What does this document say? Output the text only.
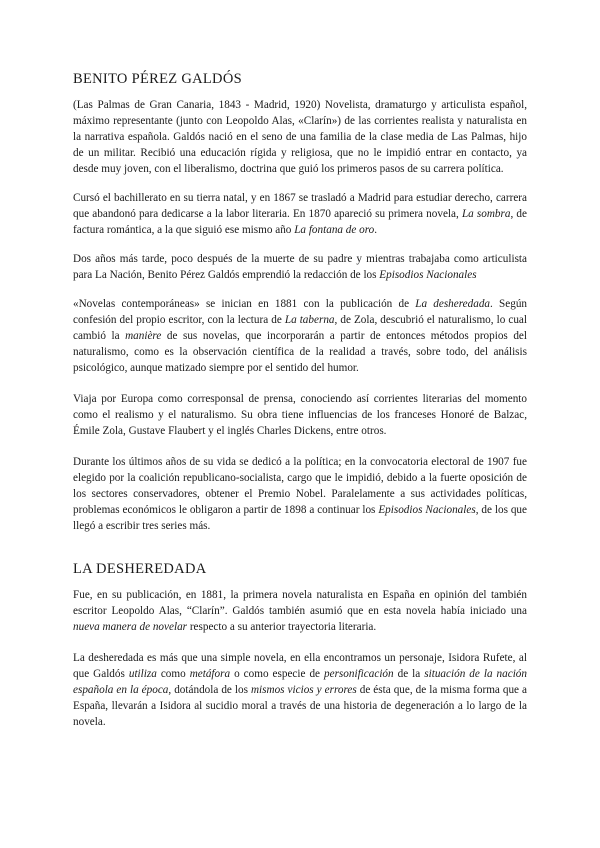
BENITO PÉREZ GALDÓS

(Las Palmas de Gran Canaria, 1843 - Madrid, 1920) Novelista, dramaturgo y articulista español, máximo representante (junto con Leopoldo Alas, «Clarín») de las corrientes realista y naturalista en la narrativa española. Galdós nació en el seno de una familia de la clase media de Las Palmas, hijo de un militar. Recibió una educación rígida y religiosa, que no le impidió entrar en contacto, ya desde muy joven, con el liberalismo, doctrina que guió los primeros pasos de su carrera política.

Cursó el bachillerato en su tierra natal, y en 1867 se trasladó a Madrid para estudiar derecho, carrera que abandonó para dedicarse a la labor literaria. En 1870 apareció su primera novela, La sombra, de factura romántica, a la que siguió ese mismo año La fontana de oro.

Dos años más tarde, poco después de la muerte de su padre y mientras trabajaba como articulista para La Nación, Benito Pérez Galdós emprendió la redacción de los Episodios Nacionales

«Novelas contemporáneas» se inician en 1881 con la publicación de La desheredada. Según confesión del propio escritor, con la lectura de La taberna, de Zola, descubrió el naturalismo, lo cual cambió la manière de sus novelas, que incorporarán a partir de entonces métodos propios del naturalismo, como es la observación científica de la realidad a través, sobre todo, del análisis psicológico, aunque matizado siempre por el sentido del humor.

Viaja por Europa como corresponsal de prensa, conociendo así corrientes literarias del momento como el realismo y el naturalismo. Su obra tiene influencias de los franceses Honoré de Balzac, Émile Zola, Gustave Flaubert y el inglés Charles Dickens, entre otros.

Durante los últimos años de su vida se dedicó a la política; en la convocatoria electoral de 1907 fue elegido por la coalición republicano-socialista, cargo que le impidió, debido a la fuerte oposición de los sectores conservadores, obtener el Premio Nobel. Paralelamente a sus actividades políticas, problemas económicos le obligaron a partir de 1898 a continuar los Episodios Nacionales, de los que llegó a escribir tres series más.

LA DESHEREDADA

Fue, en su publicación, en 1881, la primera novela naturalista en España en opinión del también escritor Leopoldo Alas, “Clarín”. Galdós también asumió que en esta novela había iniciado una nueva manera de novelar respecto a su anterior trayectoria literaria.

La desheredada es más que una simple novela, en ella encontramos un personaje, Isidora Rufete, al que Galdós utiliza como metáfora o como especie de personificación de la situación de la nación española en la época, dotándola de los mismos vicios y errores de ésta que, de la misma forma que a España, llevarán a Isidora al sucidio moral a través de una historia de degeneración a lo largo de la novela.
